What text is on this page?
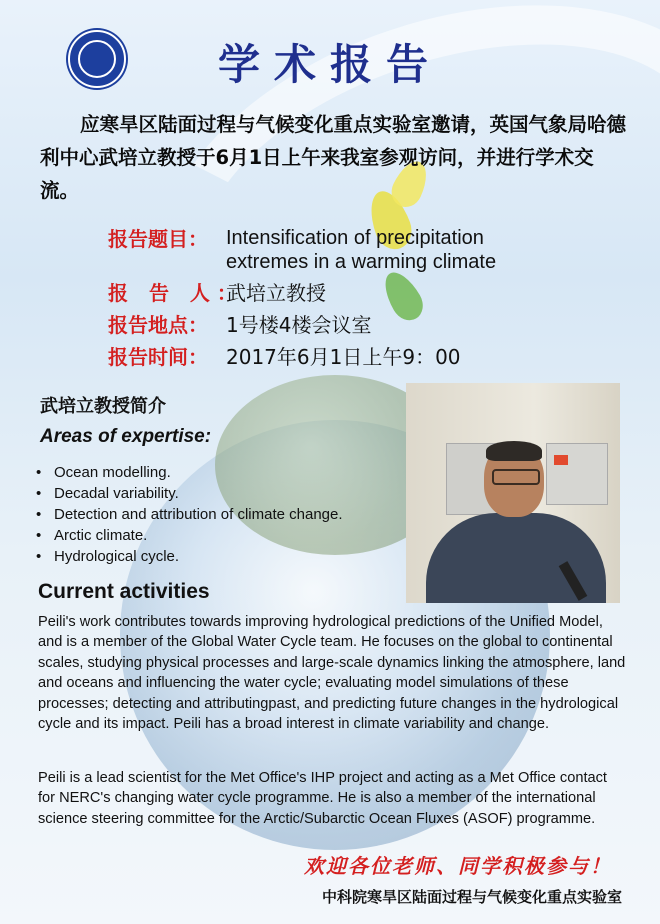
学术报告
应寒旱区陆面过程与气候变化重点实验室邀请，英国气象局哈德利中心武培立教授于6月1日上午来我室参观访问，并进行学术交流。
报告题目： Intensification of precipitation extremes in a warming climate
报 告 人：武培立教授
报告地点： 1号楼4楼会议室
报告时间： 2017年6月1日上午9：00
武培立教授简介
Areas of expertise:
• Ocean modelling.
• Decadal variability.
• Detection and attribution of climate change.
• Arctic climate.
• Hydrological cycle.
Current activities

Peili's work contributes towards improving hydrological predictions of the Unified Model, and is a member of the Global Water Cycle team. He focuses on the global to continental scales, studying physical processes and large-scale dynamics linking the atmosphere, land and oceans and influencing the water cycle; evaluating model simulations of these processes; detecting and attributingpast, and predicting future changes in the hydrological cycle and its impact. Peili has a broad interest in climate variability and change.

Peili is a lead scientist for the Met Office's IHP project and acting as a Met Office contact for NERC's changing water cycle programme. He is also a member of the international science steering committee for the Arctic/Subarctic Ocean Fluxes (ASOF) programme.

欢迎各位老师、同学积极参与！
中科院寒旱区陆面过程与气候变化重点实验室
